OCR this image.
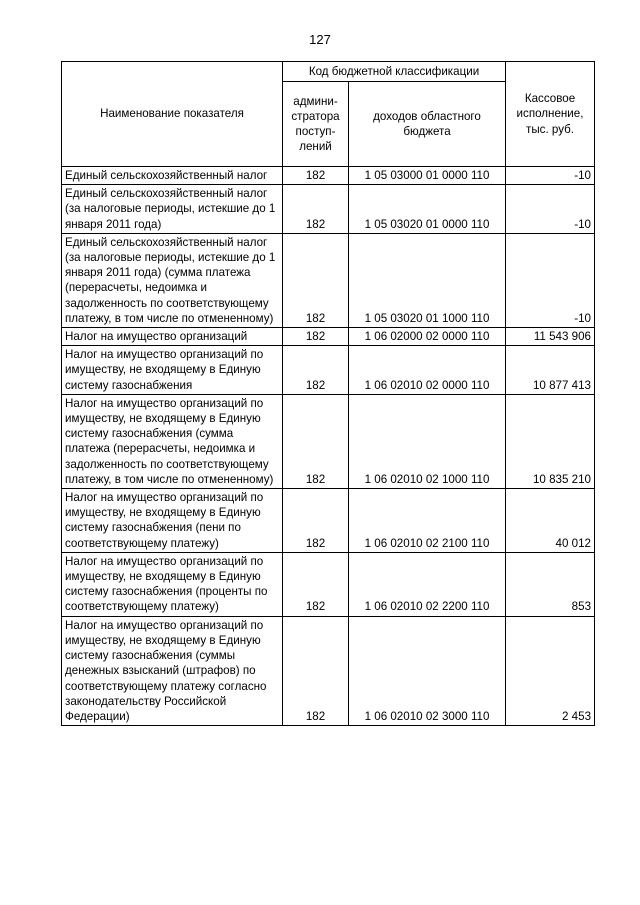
127
Наименование показателя	Код бюджетной классификации		Кассовое исполнение, тыс. руб.
	админи-стратора поступ-лений	доходов областного бюджета	
Единый сельскохозяйственный налог	182	1 05 03000 01 0000 110	-10
Единый сельскохозяйственный налог (за налоговые периоды, истекшие до 1 января 2011 года)	182	1 05 03020 01 0000 110	-10
Единый сельскохозяйственный налог (за налоговые периоды, истекшие до 1 января 2011 года) (сумма платежа (перерасчеты, недоимка и задолженность по соответствующему платежу, в том числе по отмененному)	182	1 05 03020 01 1000 110	-10
Налог на имущество организаций	182	1 06 02000 02 0000 110	11 543 906
Налог на имущество организаций по имуществу, не входящему в Единую систему газоснабжения	182	1 06 02010 02 0000 110	10 877 413
Налог на имущество организаций по имуществу, не входящему в Единую систему газоснабжения (сумма платежа (перерасчеты, недоимка и задолженность по соответствующему платежу, в том числе по отмененному)	182	1 06 02010 02 1000 110	10 835 210
Налог на имущество организаций по имуществу, не входящему в Единую систему газоснабжения (пени по соответствующему платежу)	182	1 06 02010 02 2100 110	40 012
Налог на имущество организаций по имуществу, не входящему в Единую систему газоснабжения (проценты по соответствующему платежу)	182	1 06 02010 02 2200 110	853
Налог на имущество организаций по имуществу, не входящему в Единую систему газоснабжения (суммы денежных взысканий (штрафов) по соответствующему платежу согласно законодательству Российской Федерации)	182	1 06 02010 02 3000 110	2 453
